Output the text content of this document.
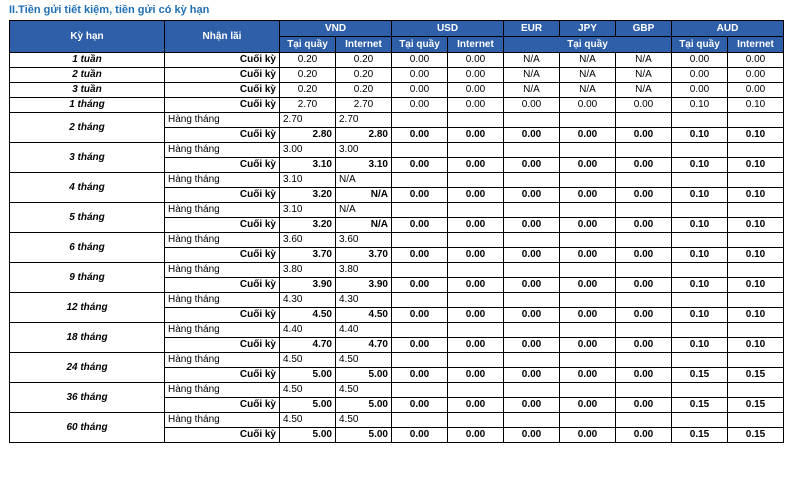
II.Tiền gửi tiết kiệm, tiền gửi có kỳ hạn
Kỳ hạn	Nhận lãi	VND		USD		EUR	JPY	GBP	AUD	
		Tại quầy	Internet	Tại quầy	Internet	Tại quầy			Tại quầy	Internet
1 tuần	Cuối kỳ	0.20	0.20	0.00	0.00	N/A	N/A	N/A	0.00	0.00
2 tuần	Cuối kỳ	0.20	0.20	0.00	0.00	N/A	N/A	N/A	0.00	0.00
3 tuần	Cuối kỳ	0.20	0.20	0.00	0.00	N/A	N/A	N/A	0.00	0.00
1 tháng	Cuối kỳ	2.70	2.70	0.00	0.00	0.00	0.00	0.00	0.10	0.10
2 tháng	Hàng tháng	2.70	2.70							
	Cuối kỳ	2.80	2.80	0.00	0.00	0.00	0.00	0.00	0.10	0.10
3 tháng	Hàng tháng	3.00	3.00							
	Cuối kỳ	3.10	3.10	0.00	0.00	0.00	0.00	0.00	0.10	0.10
4 tháng	Hàng tháng	3.10	N/A							
	Cuối kỳ	3.20	N/A	0.00	0.00	0.00	0.00	0.00	0.10	0.10
5 tháng	Hàng tháng	3.10	N/A							
	Cuối kỳ	3.20	N/A	0.00	0.00	0.00	0.00	0.00	0.10	0.10
6 tháng	Hàng tháng	3.60	3.60							
	Cuối kỳ	3.70	3.70	0.00	0.00	0.00	0.00	0.00	0.10	0.10
9 tháng	Hàng tháng	3.80	3.80							
	Cuối kỳ	3.90	3.90	0.00	0.00	0.00	0.00	0.00	0.10	0.10
12 tháng	Hàng tháng	4.30	4.30							
	Cuối kỳ	4.50	4.50	0.00	0.00	0.00	0.00	0.00	0.10	0.10
18 tháng	Hàng tháng	4.40	4.40							
	Cuối kỳ	4.70	4.70	0.00	0.00	0.00	0.00	0.00	0.10	0.10
24 tháng	Hàng tháng	4.50	4.50							
	Cuối kỳ	5.00	5.00	0.00	0.00	0.00	0.00	0.00	0.15	0.15
36 tháng	Hàng tháng	4.50	4.50							
	Cuối kỳ	5.00	5.00	0.00	0.00	0.00	0.00	0.00	0.15	0.15
60 tháng	Hàng tháng	4.50	4.50							
	Cuối kỳ	5.00	5.00	0.00	0.00	0.00	0.00	0.00	0.15	0.15
